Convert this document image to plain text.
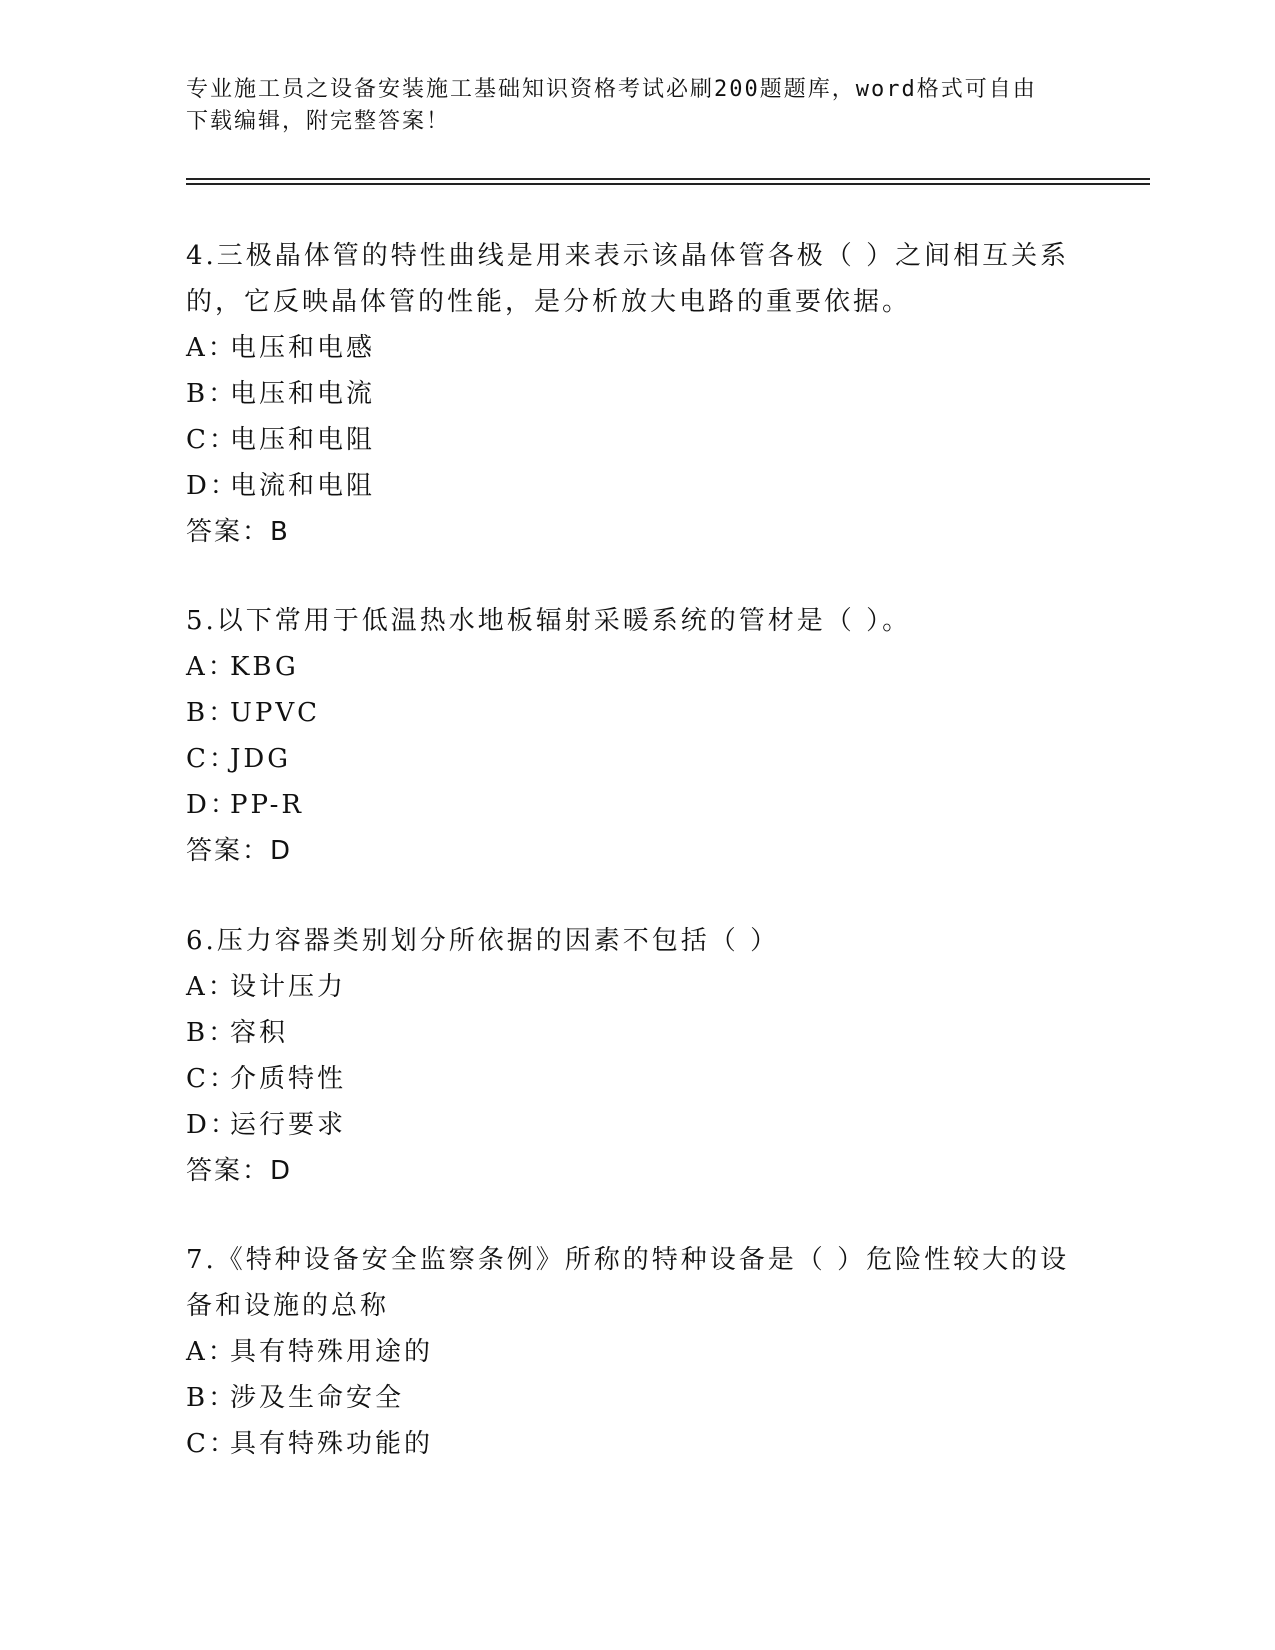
专业施工员之设备安装施工基础知识资格考试必刷200题题库，word格式可自由
下载编辑，附完整答案！
4.三极晶体管的特性曲线是用来表示该晶体管各极（ ）之间相互关系
的，它反映晶体管的性能，是分析放大电路的重要依据。
A：
电压和电感
B：
电压和电流
C：
电压和电阻
D：
电流和电阻
答案：B
5.以下常用于低温热水地板辐射采暖系统的管材是（ ）。
A：
KBG
B：
UPVC
C：
JDG
D：
PP-R
答案：D
6.压力容器类别划分所依据的因素不包括（ ）
A：
设计压力
B：
容积
C：
介质特性
D：
运行要求
答案：D
7.《特种设备安全监察条例》所称的特种设备是（ ）危险性较大的设
备和设施的总称
A：
具有特殊用途的
B：
涉及生命安全
C：
具有特殊功能的
